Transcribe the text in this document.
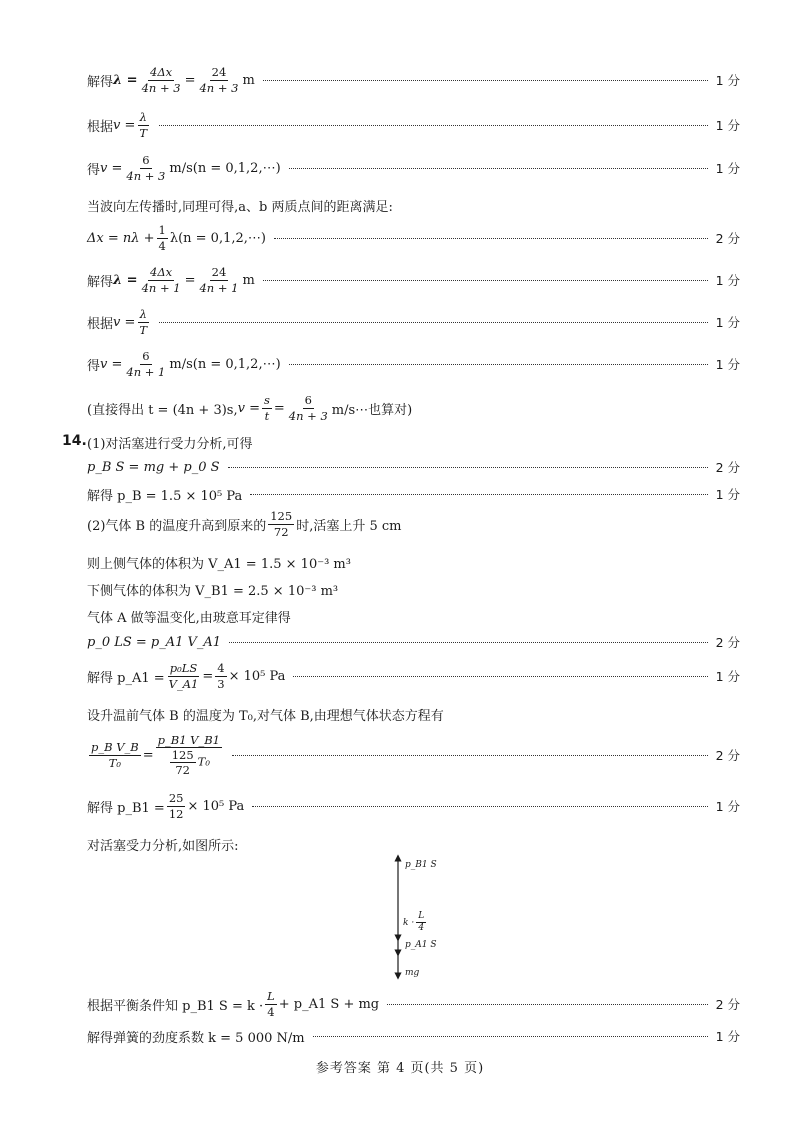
解得 $\lambda = \frac{4\Delta x}{4n + 3} = \frac{24}{4n + 3}$ m	1 分
根据 $v = \frac{\lambda}{T}$	1 分
得 $v = \frac{6}{4n + 3} m/s(n$ = 0,1,2,⋯)	1 分
当波向左传播时,同理可得,a、b 两质点间的距离满足:
$\Delta x = n\lambda + \frac{1}{4} \lambda(n$ = 0,1,2,⋯)	2 分
解得 $\lambda = \frac{4\Delta x}{4n + 1} = \frac{24}{4n + 1}$ m	1 分
根据 $v = \frac{\lambda}{T}$	1 分
得 $v = \frac{6}{4n + 1} m/s(n$ = 0,1,2,⋯)	1 分
(直接得出 t = (4n + 3)s, $v = \frac{s}{t} = \frac{6}{4n + 3}$ m/s⋯也算对)
14. (1)对活塞进行受力分析,可得
p_B S = mg + p_0 S	2 分
解得 p_B = 1.5 × 10⁵ Pa	1 分
(2)气体 B 的温度升高到原来的 $\frac{125}{72}$ 时,活塞上升 5 cm
则上侧气体的体积为 V_A1 = 1.5 × 10⁻³ m³
下侧气体的体积为 V_B1 = 2.5 × 10⁻³ m³
气体 A 做等温变化,由玻意耳定律得
p_0 LS = p_A1 V_A1	2 分
解得 p_A1 = $\frac{\text{p₀LS}}{V\_A1} = \frac{4}{3} \times 10^5$ Pa	1 分
设升温前气体 B 的温度为 T₀,对气体 B,由理想气体状态方程有
$\frac{\text{p\_B V\_B}}{\text{T₀}} = \frac{p\_B1 V\_B1}{\frac{125}{72} T_0}$	2 分
解得 p_B1 = $\frac{25}{12} \times 10^5$ Pa	1 分
对活塞受力分析,如图所示:
p_B1 S
$k \cdot \frac{L}{4}$
p_A1 S
mg
根据平衡条件知 p_B1 $S = k \cdot \frac{L}{4}$ + p_A1 S + mg	2 分
解得弹簧的劲度系数 k = 5 000 N/m	1 分
参考答案 第 4 页(共 5 页)
